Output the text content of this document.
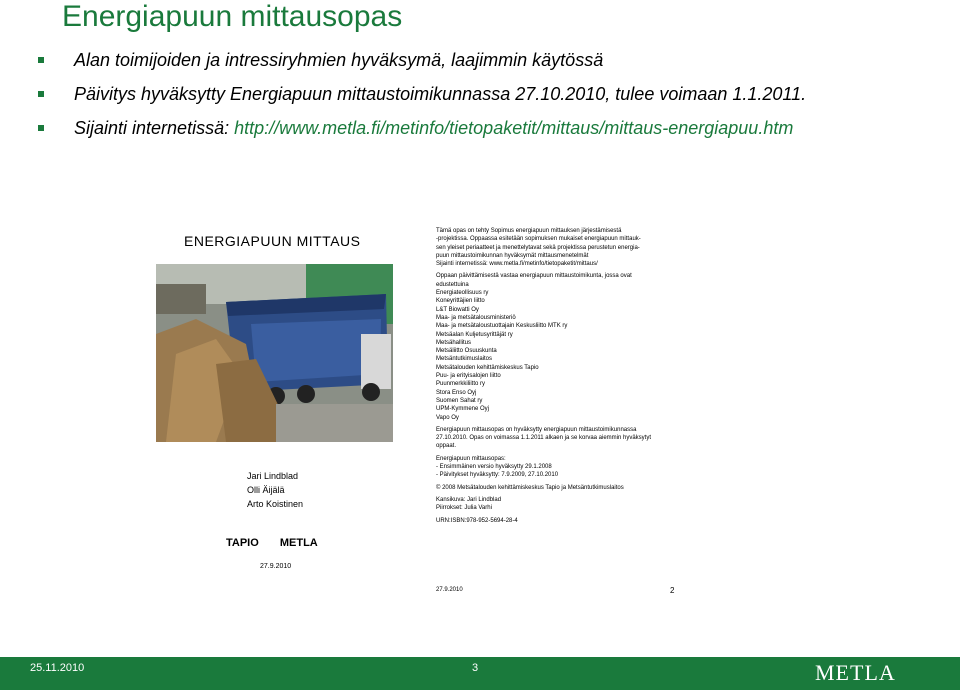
Energiapuun mittausopas
Alan toimijoiden ja intressiryhmien hyväksymä, laajimmin käytössä
Päivitys hyväksytty Energiapuun mittaustoimikunnassa 27.10.2010, tulee voimaan 1.1.2011.
Sijainti internetissä: http://www.metla.fi/metinfo/tietopaketit/mittaus/mittaus-energiapuu.htm
ENERGIAPUUN MITTAUS
Jari Lindblad
Olli Äijälä
Arto Koistinen
TAPIO METLA
27.9.2010
Tämä opas on tehty Sopimus energiapuun mittauksen järjestämisestä
-projektissa. Oppaassa esitetään sopimuksen mukaiset energiapuun mittauk-
sen yleiset periaatteet ja menettelytavat sekä projektissa perustetun energia-
puun mittaustoimikunnan hyväksymät mittausmenetelmät
Sijainti internetissä: www.metla.fi/metinfo/tietopaketit/mittaus/
Oppaan päivittämisestä vastaa energiapuun mittaustoimikunta, jossa ovat
edustettuina
Energiateollisuus ry
Koneyrittäjien liitto
L&T Biowatti Oy
Maa- ja metsätalousministeriö
Maa- ja metsätaloustuottajain Keskusliitto MTK ry
Metsäalan Kuljetusyrittäjät ry
Metsähallitus
Metsäliitto Osuuskunta
Metsäntutkimuslaitos
Metsätalouden kehittämiskeskus Tapio
Puu- ja erityisalojen liitto
Puunmerkkiliitto ry
Stora Enso Oyj
Suomen Sahat ry
UPM-Kymmene Oyj
Vapo Oy
Energiapuun mittausopas on hyväksytty energiapuun mittaustoimikunnassa
27.10.2010. Opas on voimassa 1.1.2011 alkaen ja se korvaa aiemmin hyväksytyt
oppaat.
Energiapuun mittausopas:
- Ensimmäinen versio hyväksytty 29.1.2008
- Päivitykset hyväksytty: 7.9.2009, 27.10.2010
© 2008 Metsätalouden kehittämiskeskus Tapio ja Metsäntutkimuslaitos
Kansikuva: Jari Lindblad
Piirrokset: Julia Varhi
URN:ISBN:978-952-5694-28-4
27.9.2010	2
25.11.2010	3	METLA
